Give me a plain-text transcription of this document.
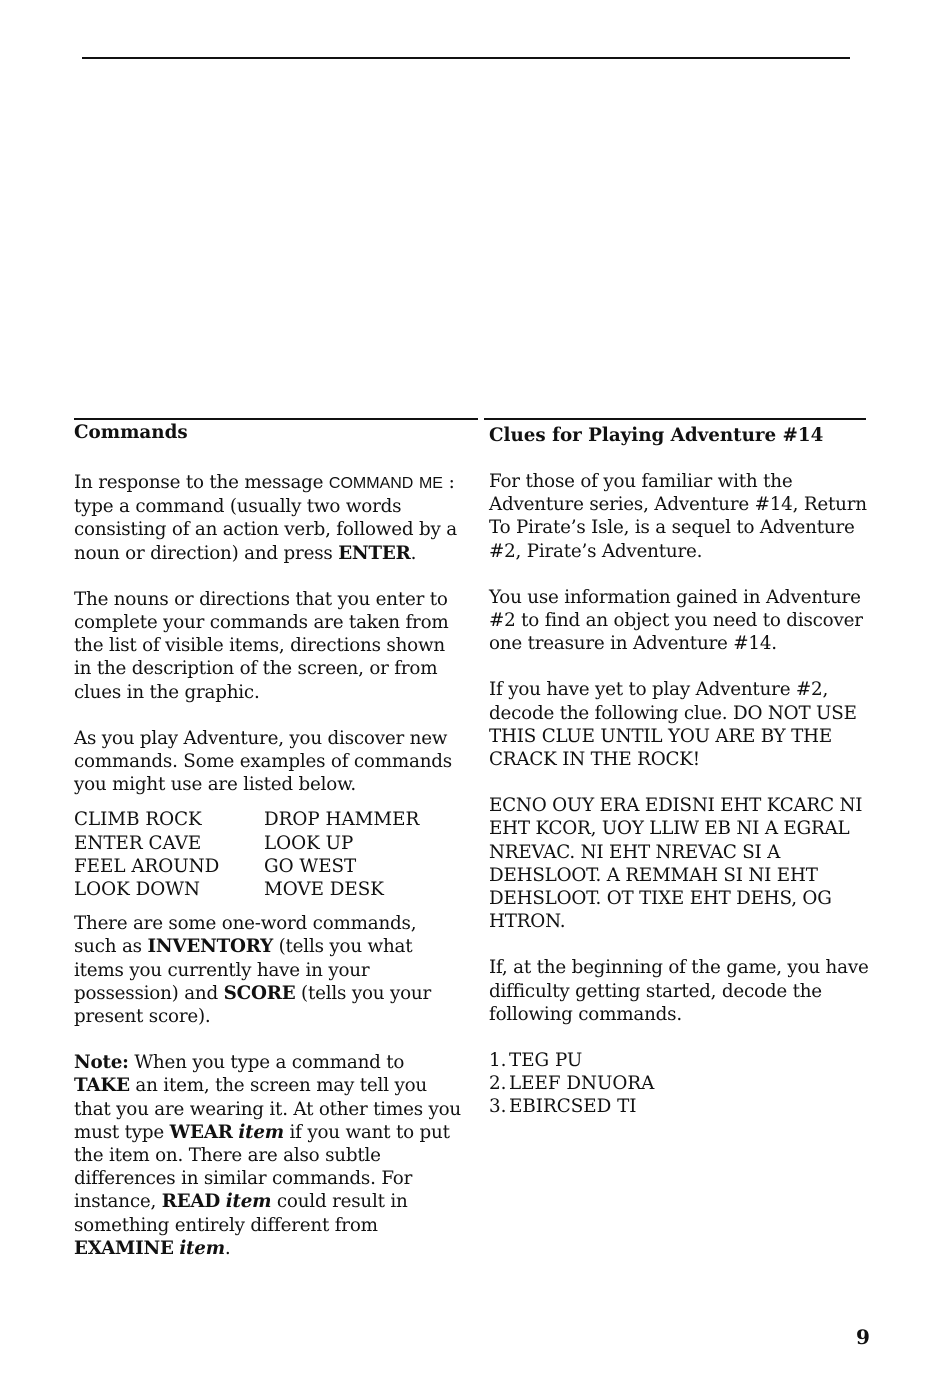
Commands

In response to the message COMMAND ME : type a command (usually two words consisting of an action verb, followed by a noun or direction) and press ENTER.

The nouns or directions that you enter to complete your commands are taken from the list of visible items, directions shown in the description of the screen, or from clues in the graphic.

As you play Adventure, you discover new commands. Some examples of commands you might use are listed below.

CLIMB ROCK
ENTER CAVE
FEEL AROUND
LOOK DOWN
DROP HAMMER
LOOK UP
GO WEST
MOVE DESK

There are some one-word commands, such as INVENTORY (tells you what items you currently have in your possession) and SCORE (tells you your present score).

Note: When you type a command to TAKE an item, the screen may tell you that you are wearing it. At other times you must type WEAR item if you want to put the item on. There are also subtle differences in similar commands. For instance, READ item could result in something entirely different from EXAMINE item.

Clues for Playing Adventure #14

For those of you familiar with the Adventure series, Adventure #14, Return To Pirate’s Isle, is a sequel to Adventure #2, Pirate’s Adventure.

You use information gained in Adventure #2 to find an object you need to discover one treasure in Adventure #14.

If you have yet to play Adventure #2, decode the following clue. DO NOT USE THIS CLUE UNTIL YOU ARE BY THE CRACK IN THE ROCK!

ECNO OUY ERA EDISNI EHT KCARC NI EHT KCOR, UOY LLIW EB NI A EGRAL NREVAC. NI EHT NREVAC SI A DEHSLOOT. A REMMAH SI NI EHT DEHSLOOT. OT TIXE EHT DEHS, OG HTRON.

If, at the beginning of the game, you have difficulty getting started, decode the following commands.

1. TEG PU
2. LEEF DNUORA
3. EBIRCSED TI
9
